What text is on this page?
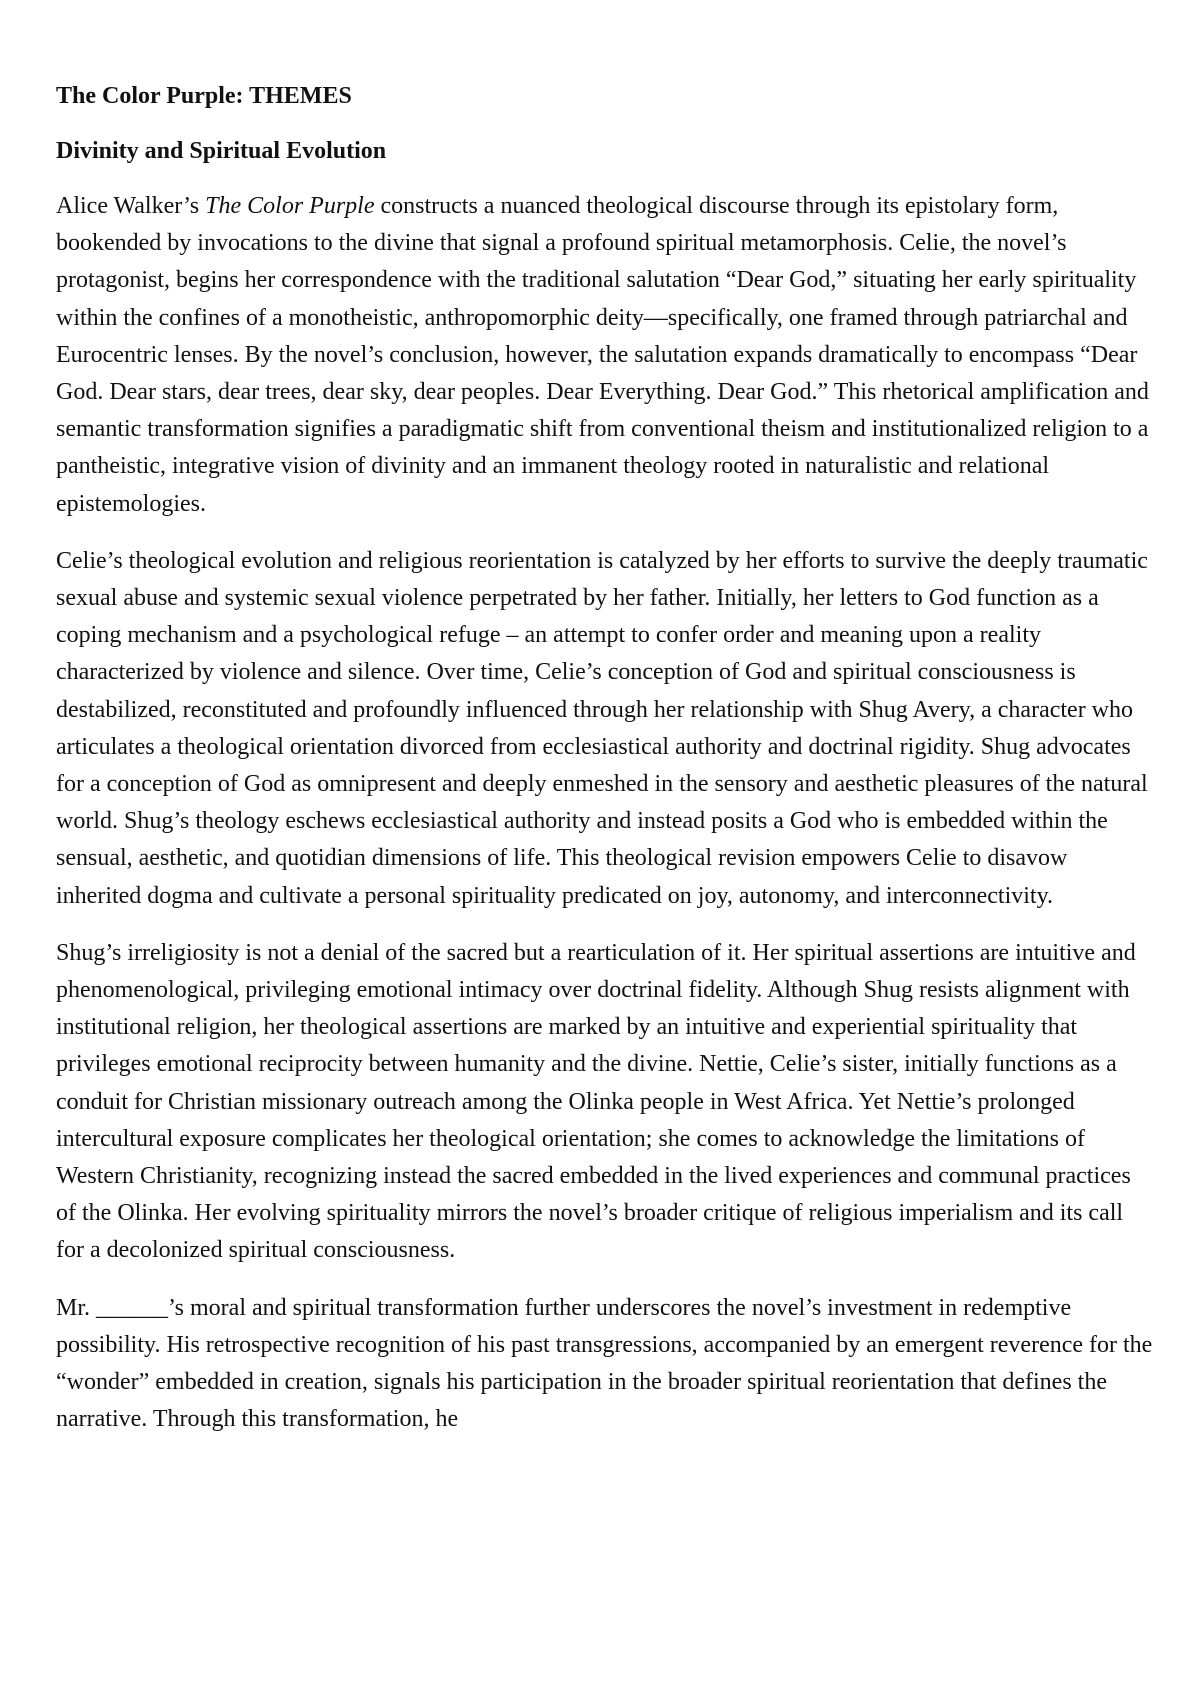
The Color Purple: THEMES
Divinity and Spiritual Evolution

Alice Walker’s The Color Purple constructs a nuanced theological discourse through its epistolary form, bookended by invocations to the divine that signal a profound spiritual metamorphosis. Celie, the novel’s protagonist, begins her correspondence with the traditional salutation “Dear God,” situating her early spirituality within the confines of a monotheistic, anthropomorphic deity—specifically, one framed through patriarchal and Eurocentric lenses. By the novel’s conclusion, however, the salutation expands dramatically to encompass “Dear God. Dear stars, dear trees, dear sky, dear peoples. Dear Everything. Dear God.” This rhetorical amplification and semantic transformation signifies a paradigmatic shift from conventional theism and institutionalized religion to a pantheistic, integrative vision of divinity and an immanent theology rooted in naturalistic and relational epistemologies.

Celie’s theological evolution and religious reorientation is catalyzed by her efforts to survive the deeply traumatic sexual abuse and systemic sexual violence perpetrated by her father. Initially, her letters to God function as a coping mechanism and a psychological refuge – an attempt to confer order and meaning upon a reality characterized by violence and silence. Over time, Celie’s conception of God and spiritual consciousness is destabilized, reconstituted and profoundly influenced through her relationship with Shug Avery, a character who articulates a theological orientation divorced from ecclesiastical authority and doctrinal rigidity. Shug advocates for a conception of God as omnipresent and deeply enmeshed in the sensory and aesthetic pleasures of the natural world. Shug’s theology eschews ecclesiastical authority and instead posits a God who is embedded within the sensual, aesthetic, and quotidian dimensions of life. This theological revision empowers Celie to disavow inherited dogma and cultivate a personal spirituality predicated on joy, autonomy, and interconnectivity.

Shug’s irreligiosity is not a denial of the sacred but a rearticulation of it. Her spiritual assertions are intuitive and phenomenological, privileging emotional intimacy over doctrinal fidelity. Although Shug resists alignment with institutional religion, her theological assertions are marked by an intuitive and experiential spirituality that privileges emotional reciprocity between humanity and the divine. Nettie, Celie’s sister, initially functions as a conduit for Christian missionary outreach among the Olinka people in West Africa. Yet Nettie’s prolonged intercultural exposure complicates her theological orientation; she comes to acknowledge the limitations of Western Christianity, recognizing instead the sacred embedded in the lived experiences and communal practices of the Olinka. Her evolving spirituality mirrors the novel’s broader critique of religious imperialism and its call for a decolonized spiritual consciousness.

Mr. ______’s moral and spiritual transformation further underscores the novel’s investment in redemptive possibility. His retrospective recognition of his past transgressions, accompanied by an emergent reverence for the “wonder” embedded in creation, signals his participation in the broader spiritual reorientation that defines the narrative. Through this transformation, he
